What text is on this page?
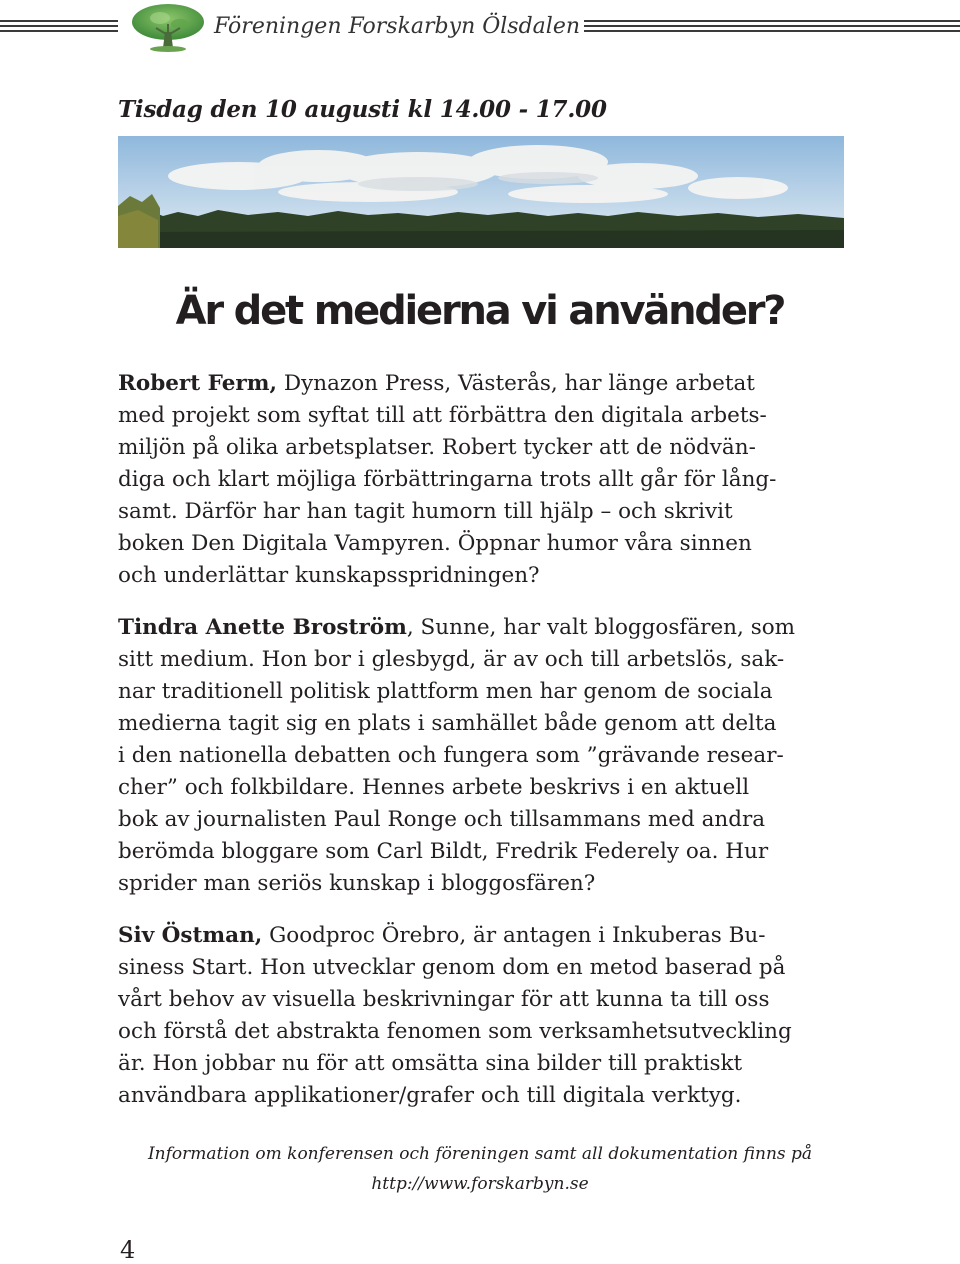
Föreningen Forskarbyn Ölsdalen
Tisdag den 10 augusti kl 14.00 - 17.00
Är det medierna vi använder?

Robert Ferm, Dynazon Press, Västerås, har länge arbetat
med projekt som syftat till att förbättra den digitala arbets-
miljön på olika arbetsplatser. Robert tycker att de nödvän-
diga och klart möjliga förbättringarna trots allt går för lång-
samt. Därför har han tagit humorn till hjälp – och skrivit
boken Den Digitala Vampyren. Öppnar humor våra sinnen
och underlättar kunskapsspridningen?

Tindra Anette Broström, Sunne, har valt bloggosfären, som
sitt medium. Hon bor i glesbygd, är av och till arbetslös, sak-
nar traditionell politisk plattform men har genom de sociala
medierna tagit sig en plats i samhället både genom att delta
i den nationella debatten och fungera som ”grävande resear-
cher” och folkbildare. Hennes arbete beskrivs i en aktuell
bok av journalisten Paul Ronge och tillsammans med andra
berömda bloggare som Carl Bildt, Fredrik Federely oa. Hur
sprider man seriös kunskap i bloggosfären?

Siv Östman, Goodproc Örebro, är antagen i Inkuberas Bu-
siness Start. Hon utvecklar genom dom en metod baserad på
vårt behov av visuella beskrivningar för att kunna ta till oss
och förstå det abstrakta fenomen som verksamhetsutveckling
är. Hon jobbar nu för att omsätta sina bilder till praktiskt
användbara applikationer/grafer och till digitala verktyg.

Information om konferensen och föreningen samt all dokumentation finns på
http://www.forskarbyn.se
4
